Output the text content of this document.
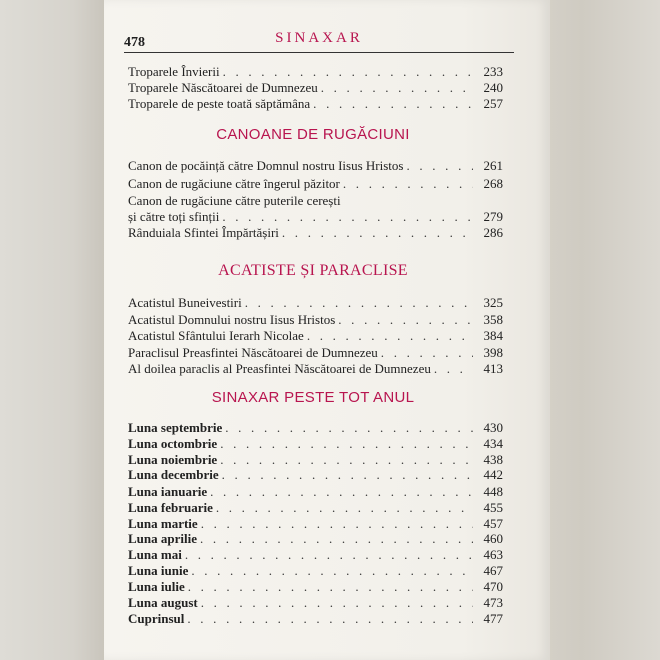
478	SINAXAR
Troparele Învierii . . .	233
Troparele Născătoarei de Dumnezeu . . .	240
Troparele de peste toată săptămâna . . .	257
CANOANE DE RUGĂCIUNI
Canon de pocăință către Domnul nostru Iisus Hristos . . .	261
Canon de rugăciune către îngerul păzitor . . .	268
Canon de rugăciune către puterile cerești
și către toți sfinții . . .	279
Rânduiala Sfintei Împărtășiri . . .	286
ACATISTE ȘI PARACLISE
Acatistul Buneivestiri . . .	325
Acatistul Domnului nostru Iisus Hristos . . .	358
Acatistul Sfântului Ierarh Nicolae . . .	384
Paraclisul Preasfintei Născătoarei de Dumnezeu . . .	398
Al doilea paraclis al Preasfintei Născătoarei de Dumnezeu . . .	413
SINAXAR PESTE TOT ANUL
Luna septembrie . . .	430
Luna octombrie . . .	434
Luna noiembrie . . .	438
Luna decembrie . . .	442
Luna ianuarie . . .	448
Luna februarie . . .	455
Luna martie . . .	457
Luna aprilie . . .	460
Luna mai . . .	463
Luna iunie . . .	467
Luna iulie . . .	470
Luna august . . .	473
Cuprinsul . . .	477
